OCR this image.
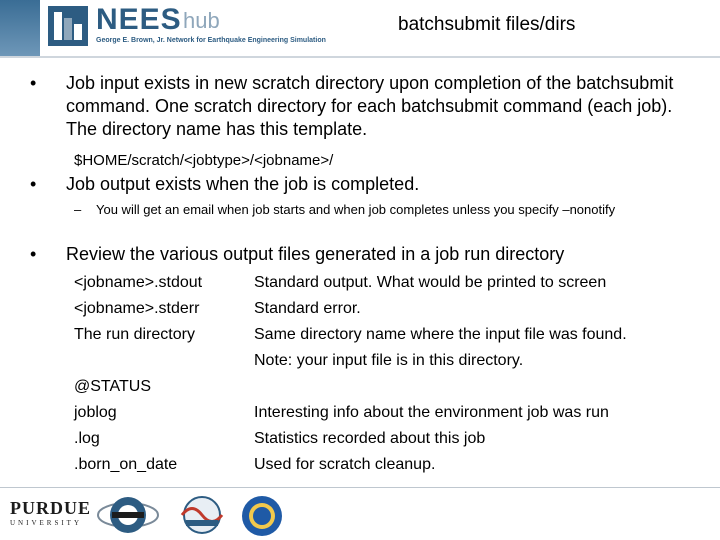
NEES hub
George E. Brown, Jr. Network for Earthquake Engineering Simulation
batchsubmit files/dirs
• Job input exists in new scratch directory upon completion of the batchsubmit command. One scratch directory for each batchsubmit command (each job). The directory name has this template.
$HOME/scratch/<jobtype>/<jobname>/
• Job output exists when the job is completed.
– You will get an email when job starts and when job completes unless you specify –nonotify
• Review the various output files generated in a job run directory
<jobname>.stdout	Standard output. What would be printed to screen
<jobname>.stderr	Standard error.
The run directory	Same directory name where the input file was found.
Note: your input file is in this directory.
@STATUS
joblog	Interesting info about the environment job was run
.log	Statistics recorded about this job
.born_on_date	Used for scratch cleanup.
PURDUE
UNIVERSITY
